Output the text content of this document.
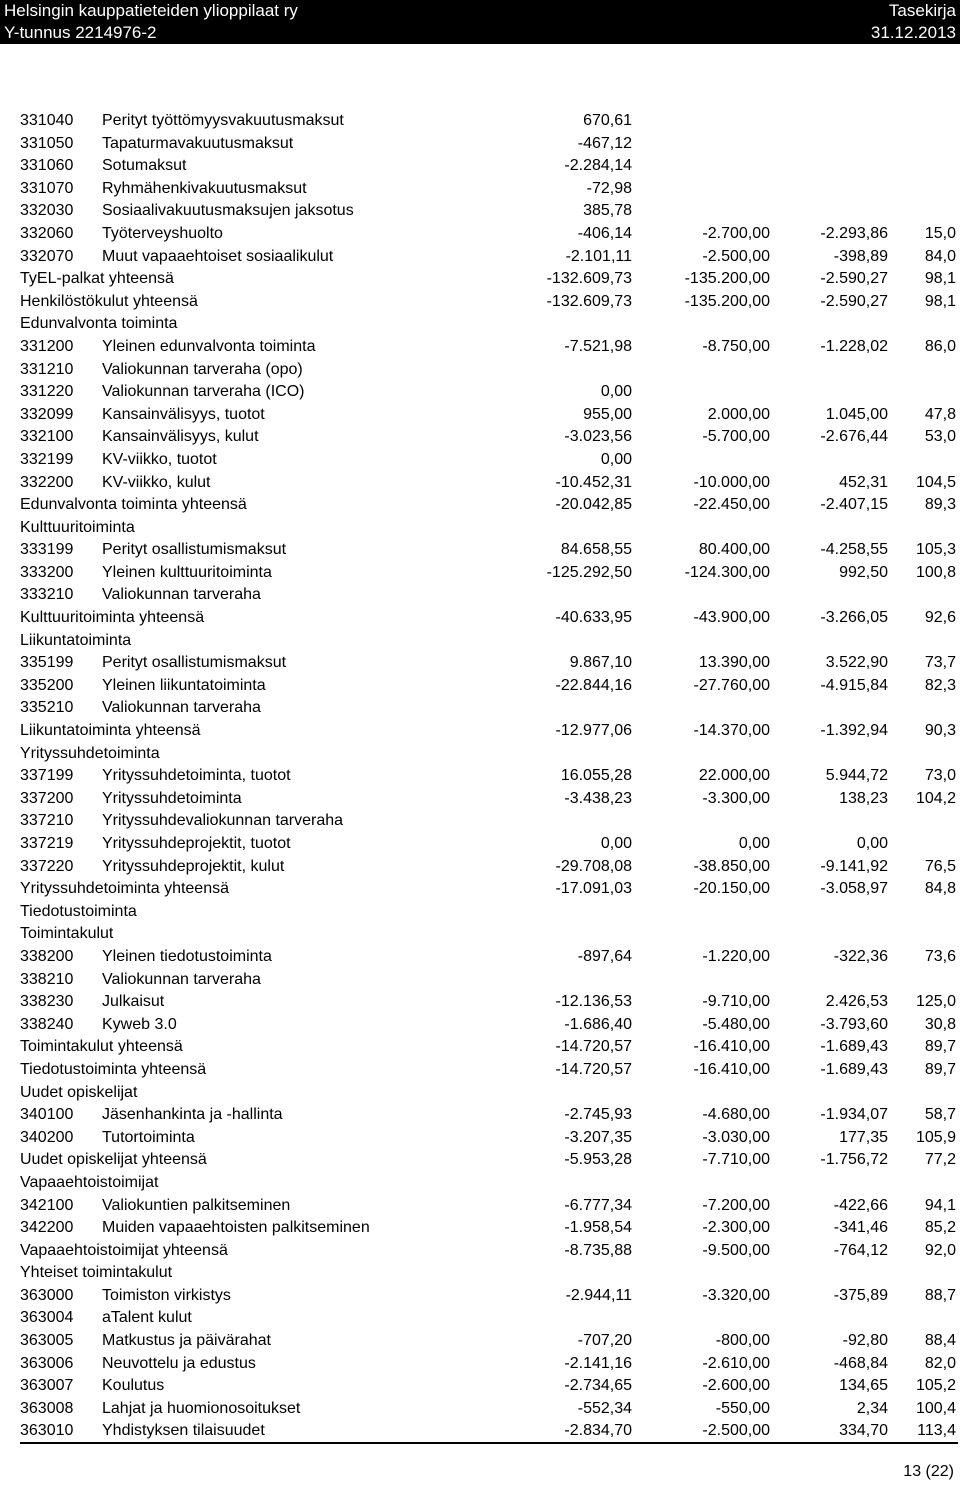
Helsingin kauppatieteiden ylioppilaat ry
Y-tunnus 2214976-2
Tasekirja
31.12.2013
331040 Perityt työttömyysvakuutusmaksut	670,61
331050 Tapaturmavakuutusmaksut	-467,12
331060 Sotumaksut	-2.284,14
331070 Ryhmähenkivakuutusmaksut	-72,98
332030 Sosiaalivakuutusmaksujen jaksotus	385,78
332060 Työterveyshuolto	-406,14	-2.700,00	-2.293,86 15,0
332070 Muut vapaaehtoiset sosiaalikulut	-2.101,11	-2.500,00	-398,89 84,0
TyEL-palkat yhteensä	-132.609,73	-135.200,00	-2.590,27 98,1
Henkilöstökulut yhteensä	-132.609,73	-135.200,00	-2.590,27 98,1
Edunvalvonta toiminta
331200 Yleinen edunvalvonta toiminta	-7.521,98	-8.750,00	-1.228,02 86,0
331210 Valiokunnan tarveraha (opo)
331220 Valiokunnan tarveraha (ICO)	0,00
332099 Kansainvälisyys, tuotot	955,00	2.000,00	1.045,00 47,8
332100 Kansainvälisyys, kulut	-3.023,56	-5.700,00	-2.676,44 53,0
332199 KV-viikko, tuotot	0,00
332200 KV-viikko, kulut	-10.452,31	-10.000,00	452,31 104,5
Edunvalvonta toiminta yhteensä	-20.042,85	-22.450,00	-2.407,15 89,3
Kulttuuritoiminta
333199 Perityt osallistumismaksut	84.658,55	80.400,00	-4.258,55 105,3
333200 Yleinen kulttuuritoiminta	-125.292,50	-124.300,00	992,50 100,8
333210 Valiokunnan tarveraha
Kulttuuritoiminta yhteensä	-40.633,95	-43.900,00	-3.266,05 92,6
Liikuntatoiminta
335199 Perityt osallistumismaksut	9.867,10	13.390,00	3.522,90 73,7
335200 Yleinen liikuntatoiminta	-22.844,16	-27.760,00	-4.915,84 82,3
335210 Valiokunnan tarveraha
Liikuntatoiminta yhteensä	-12.977,06	-14.370,00	-1.392,94 90,3
Yrityssuhdetoiminta
337199 Yrityssuhdetoiminta, tuotot	16.055,28	22.000,00	5.944,72 73,0
337200 Yrityssuhdetoiminta	-3.438,23	-3.300,00	138,23 104,2
337210 Yrityssuhdevaliokunnan tarveraha
337219 Yrityssuhdeprojektit, tuotot	0,00	0,00	0,00
337220 Yrityssuhdeprojektit, kulut	-29.708,08	-38.850,00	-9.141,92 76,5
Yrityssuhdetoiminta yhteensä	-17.091,03	-20.150,00	-3.058,97 84,8
Tiedotustoiminta
Toimintakulut
338200 Yleinen tiedotustoiminta	-897,64	-1.220,00	-322,36 73,6
338210 Valiokunnan tarveraha
338230 Julkaisut	-12.136,53	-9.710,00	2.426,53 125,0
338240 Kyweb 3.0	-1.686,40	-5.480,00	-3.793,60 30,8
Toimintakulut yhteensä	-14.720,57	-16.410,00	-1.689,43 89,7
Tiedotustoiminta yhteensä	-14.720,57	-16.410,00	-1.689,43 89,7
Uudet opiskelijat
340100 Jäsenhankinta ja -hallinta	-2.745,93	-4.680,00	-1.934,07 58,7
340200 Tutortoiminta	-3.207,35	-3.030,00	177,35 105,9
Uudet opiskelijat yhteensä	-5.953,28	-7.710,00	-1.756,72 77,2
Vapaaehtoistoimijat
342100 Valiokuntien palkitseminen	-6.777,34	-7.200,00	-422,66 94,1
342200 Muiden vapaaehtoisten palkitseminen	-1.958,54	-2.300,00	-341,46 85,2
Vapaaehtoistoimijat yhteensä	-8.735,88	-9.500,00	-764,12 92,0
Yhteiset toimintakulut
363000 Toimiston virkistys	-2.944,11	-3.320,00	-375,89 88,7
363004 aTalent kulut
363005 Matkustus ja päivärahat	-707,20	-800,00	-92,80 88,4
363006 Neuvottelu ja edustus	-2.141,16	-2.610,00	-468,84 82,0
363007 Koulutus	-2.734,65	-2.600,00	134,65 105,2
363008 Lahjat ja huomionosoitukset	-552,34	-550,00	2,34 100,4
363010 Yhdistyksen tilaisuudet	-2.834,70	-2.500,00	334,70 113,4
13 (22)
